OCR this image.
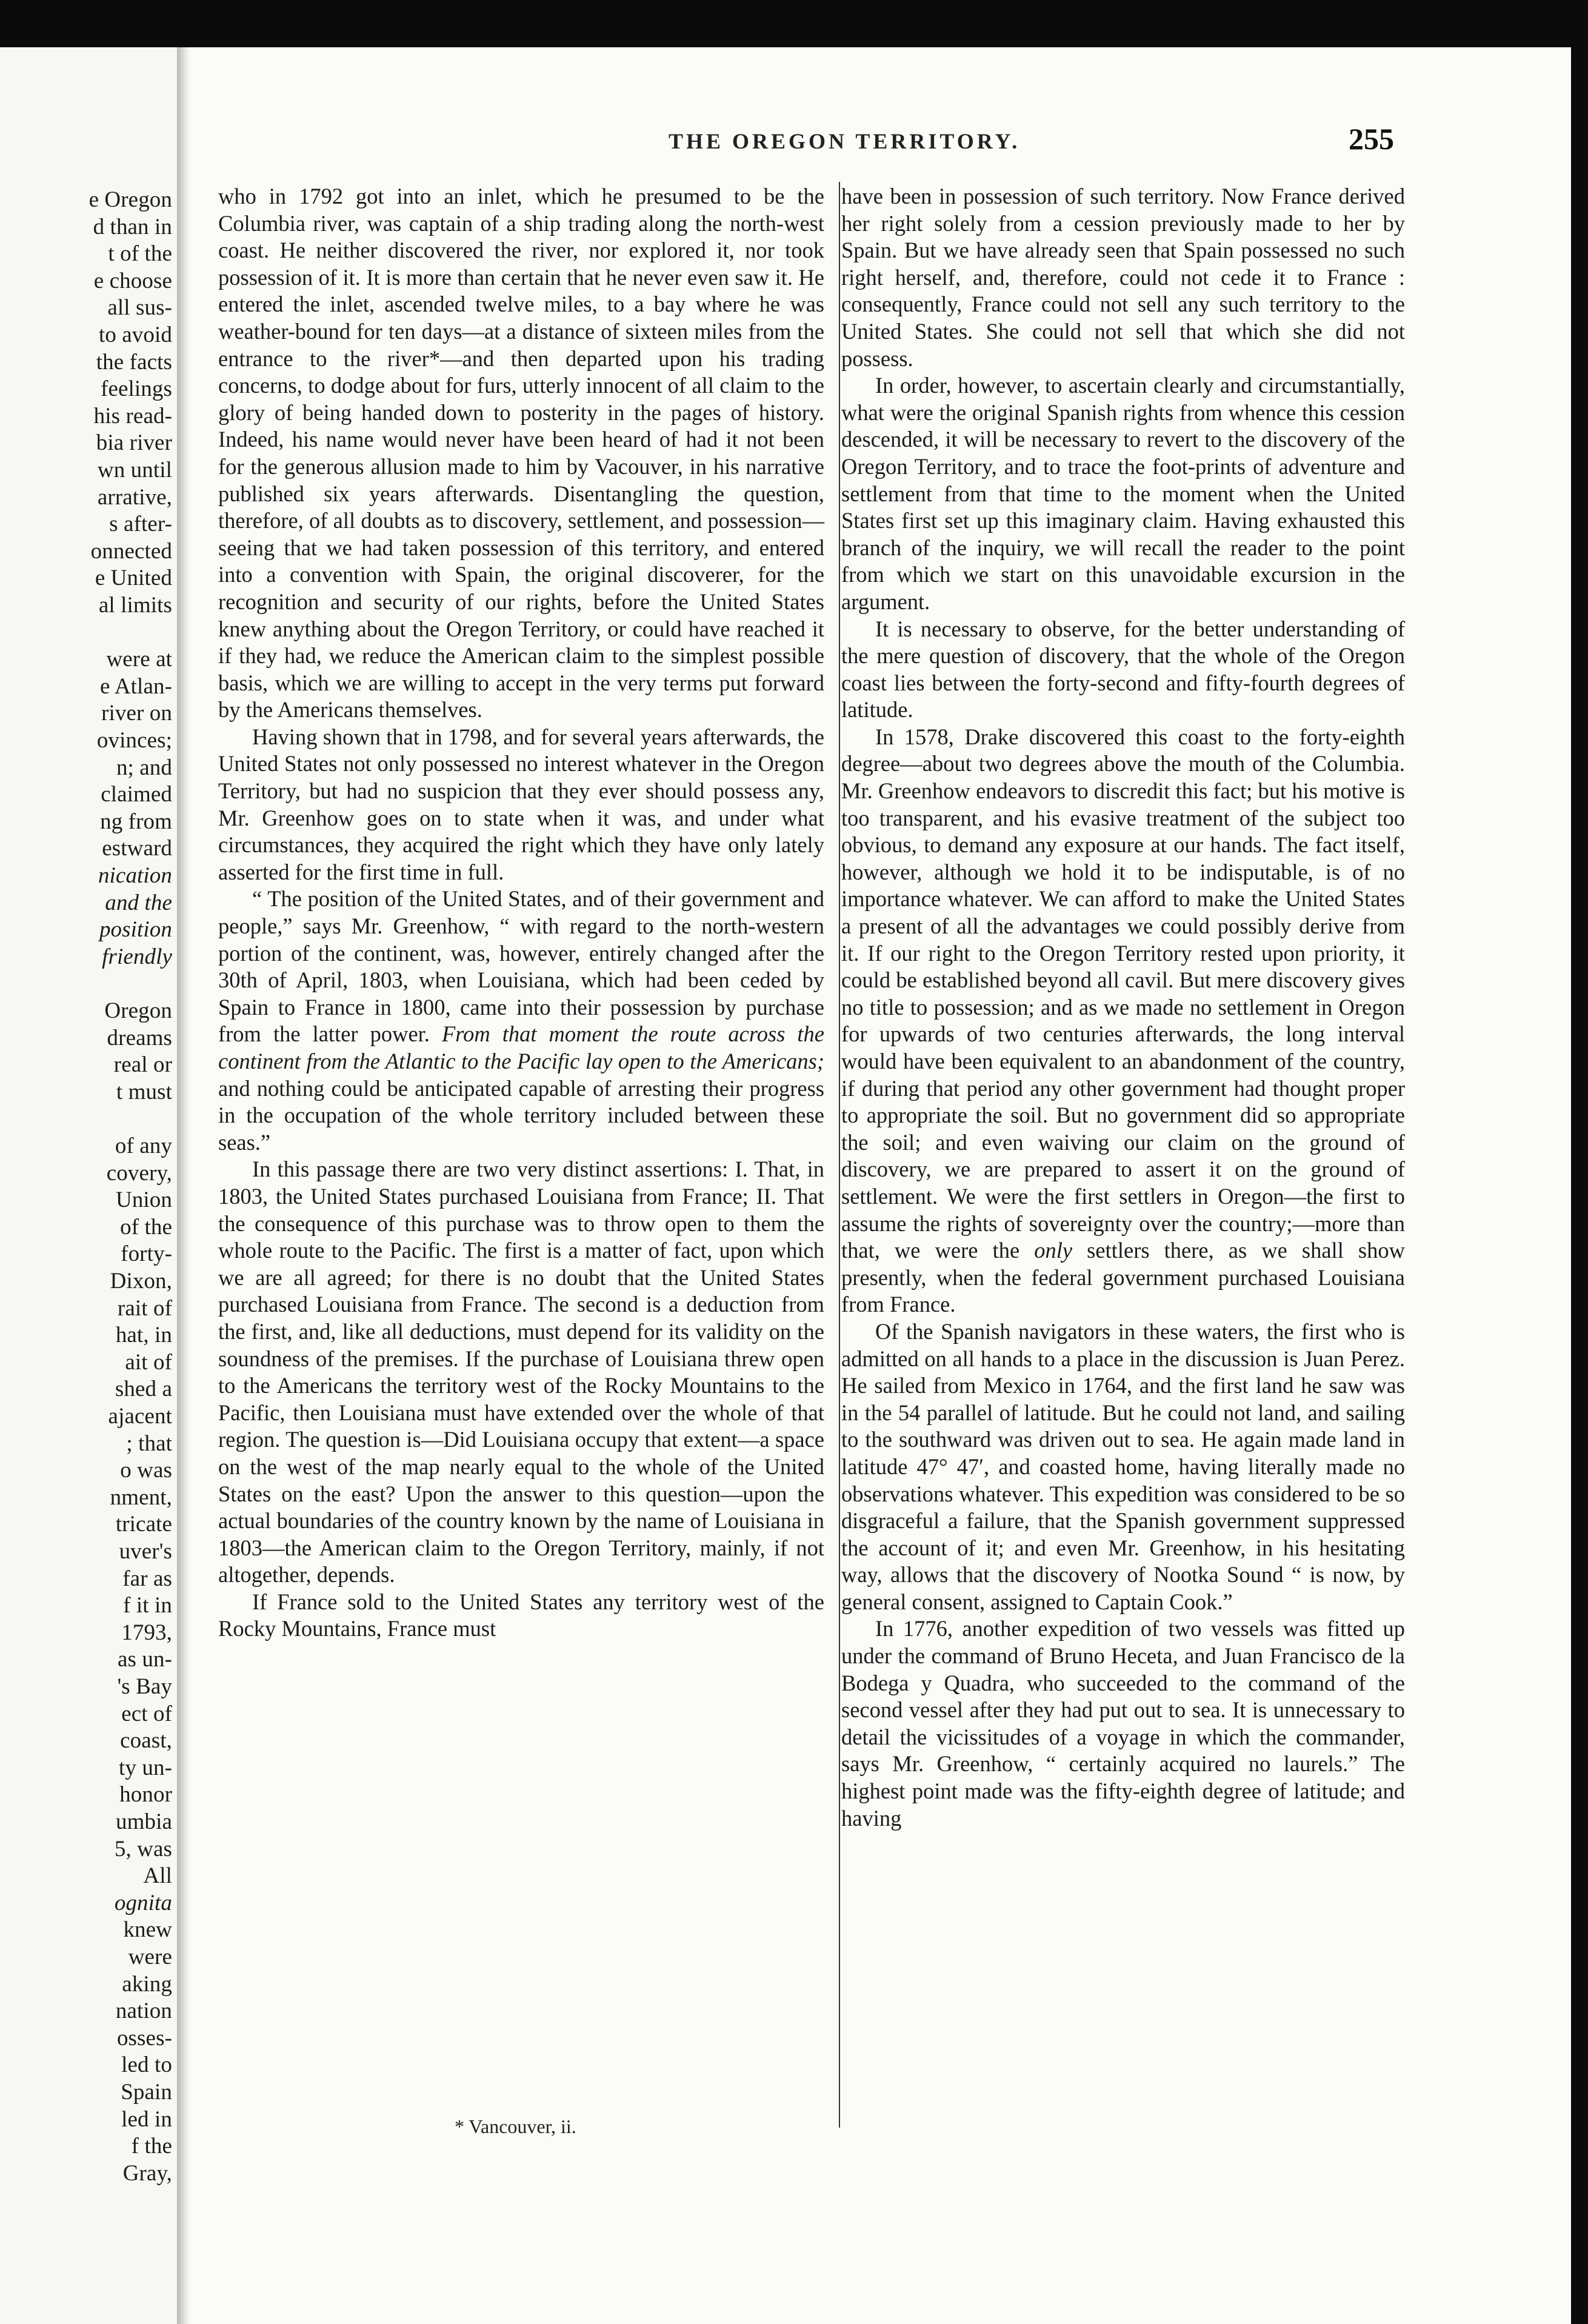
e Oregon
d than in
t of the
e choose
all sus-
to avoid
the facts
feelings
his read-
bia river
wn until
arrative,
s after-
onnected
e United
al limits
were at
e Atlan-
river on
ovinces;
n; and
claimed
ng from
estward
nication
and the
position
friendly
Oregon
dreams
real or
t must
of any
covery,
Union
of the
forty-
Dixon,
rait of
hat, in
ait of
shed a
ajacent
; that
o was
nment,
tricate
uver's
far as
f it in
1793,
as un-
's Bay
ect of
coast,
ty un-
honor
umbia
5, was
All
ognita
knew
were
aking
nation
osses-
led to
Spain
led in
f the
Gray,
THE OREGON TERRITORY.	255

who in 1792 got into an inlet, which he presumed to be the Columbia river, was captain of a ship trading along the north-west coast. He neither discovered the river, nor explored it, nor took possession of it. It is more than certain that he never even saw it. He entered the inlet, ascended twelve miles, to a bay where he was weather-bound for ten days—at a distance of sixteen miles from the entrance to the river*—and then departed upon his trading concerns, to dodge about for furs, utterly innocent of all claim to the glory of being handed down to posterity in the pages of history. Indeed, his name would never have been heard of had it not been for the generous allusion made to him by Vacouver, in his narrative published six years afterwards. Disentangling the question, therefore, of all doubts as to discovery, settlement, and possession—seeing that we had taken possession of this territory, and entered into a convention with Spain, the original discoverer, for the recognition and security of our rights, before the United States knew anything about the Oregon Territory, or could have reached it if they had, we reduce the American claim to the simplest possible basis, which we are willing to accept in the very terms put forward by the Americans themselves.

Having shown that in 1798, and for several years afterwards, the United States not only possessed no interest whatever in the Oregon Territory, but had no suspicion that they ever should possess any, Mr. Greenhow goes on to state when it was, and under what circumstances, they acquired the right which they have only lately asserted for the first time in full.

“ The position of the United States, and of their government and people,” says Mr. Greenhow, “ with regard to the north-western portion of the continent, was, however, entirely changed after the 30th of April, 1803, when Louisiana, which had been ceded by Spain to France in 1800, came into their possession by purchase from the latter power. From that moment the route across the continent from the Atlantic to the Pacific lay open to the Americans; and nothing could be anticipated capable of arresting their progress in the occupation of the whole territory included between these seas.”

In this passage there are two very distinct assertions: I. That, in 1803, the United States purchased Louisiana from France; II. That the consequence of this purchase was to throw open to them the whole route to the Pacific. The first is a matter of fact, upon which we are all agreed; for there is no doubt that the United States purchased Louisiana from France. The second is a deduction from the first, and, like all deductions, must depend for its validity on the soundness of the premises. If the purchase of Louisiana threw open to the Americans the territory west of the Rocky Mountains to the Pacific, then Louisiana must have extended over the whole of that region. The question is—Did Louisiana occupy that extent—a space on the west of the map nearly equal to the whole of the United States on the east? Upon the answer to this question—upon the actual boundaries of the country known by the name of Louisiana in 1803—the American claim to the Oregon Territory, mainly, if not altogether, depends.

If France sold to the United States any territory west of the Rocky Mountains, France must

have been in possession of such territory. Now France derived her right solely from a cession previously made to her by Spain. But we have already seen that Spain possessed no such right herself, and, therefore, could not cede it to France : consequently, France could not sell any such territory to the United States. She could not sell that which she did not possess.

In order, however, to ascertain clearly and circumstantially, what were the original Spanish rights from whence this cession descended, it will be necessary to revert to the discovery of the Oregon Territory, and to trace the foot-prints of adventure and settlement from that time to the moment when the United States first set up this imaginary claim. Having exhausted this branch of the inquiry, we will recall the reader to the point from which we start on this unavoidable excursion in the argument.

It is necessary to observe, for the better understanding of the mere question of discovery, that the whole of the Oregon coast lies between the forty-second and fifty-fourth degrees of latitude.

In 1578, Drake discovered this coast to the forty-eighth degree—about two degrees above the mouth of the Columbia. Mr. Greenhow endeavors to discredit this fact; but his motive is too transparent, and his evasive treatment of the subject too obvious, to demand any exposure at our hands. The fact itself, however, although we hold it to be indisputable, is of no importance whatever. We can afford to make the United States a present of all the advantages we could possibly derive from it. If our right to the Oregon Territory rested upon priority, it could be established beyond all cavil. But mere discovery gives no title to possession; and as we made no settlement in Oregon for upwards of two centuries afterwards, the long interval would have been equivalent to an abandonment of the country, if during that period any other government had thought proper to appropriate the soil. But no government did so appropriate the soil; and even waiving our claim on the ground of discovery, we are prepared to assert it on the ground of settlement. We were the first settlers in Oregon—the first to assume the rights of sovereignty over the country;—more than that, we were the only settlers there, as we shall show presently, when the federal government purchased Louisiana from France.

Of the Spanish navigators in these waters, the first who is admitted on all hands to a place in the discussion is Juan Perez. He sailed from Mexico in 1764, and the first land he saw was in the 54 parallel of latitude. But he could not land, and sailing to the southward was driven out to sea. He again made land in latitude 47° 47′, and coasted home, having literally made no observations whatever. This expedition was considered to be so disgraceful a failure, that the Spanish government suppressed the account of it; and even Mr. Greenhow, in his hesitating way, allows that the discovery of Nootka Sound “ is now, by general consent, assigned to Captain Cook.”

In 1776, another expedition of two vessels was fitted up under the command of Bruno Heceta, and Juan Francisco de la Bodega y Quadra, who succeeded to the command of the second vessel after they had put out to sea. It is unnecessary to detail the vicissitudes of a voyage in which the commander, says Mr. Greenhow, “ certainly acquired no laurels.” The highest point made was the fifty-eighth degree of latitude; and having

* Vancouver, ii.
